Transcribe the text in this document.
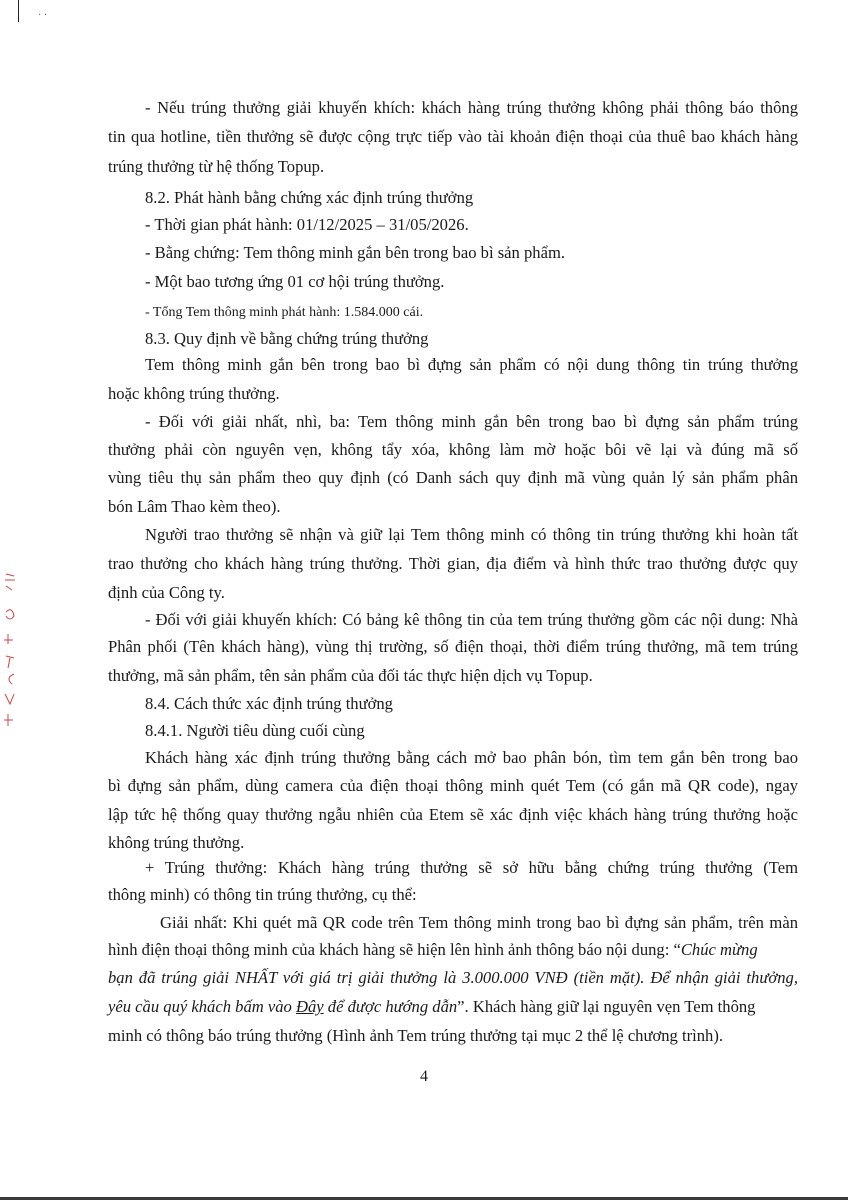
· ·
- Nếu trúng thưởng giải khuyến khích: khách hàng trúng thưởng không phải thông báo thông
tin qua hotline, tiền thưởng sẽ được cộng trực tiếp vào tài khoản điện thoại của thuê bao khách hàng
trúng thưởng từ hệ thống Topup.
8.2. Phát hành bằng chứng xác định trúng thưởng
- Thời gian phát hành: 01/12/2025 – 31/05/2026.
- Bằng chứng: Tem thông minh gắn bên trong bao bì sản phẩm.
- Một bao tương ứng 01 cơ hội trúng thưởng.
- Tổng Tem thông minh phát hành: 1.584.000 cái.
8.3. Quy định về bằng chứng trúng thưởng
Tem thông minh gắn bên trong bao bì đựng sản phẩm có nội dung thông tin trúng thưởng
hoặc không trúng thưởng.
- Đối với giải nhất, nhì, ba: Tem thông minh gắn bên trong bao bì đựng sản phẩm trúng
thưởng phải còn nguyên vẹn, không tẩy xóa, không làm mờ hoặc bôi vẽ lại và đúng mã số
vùng tiêu thụ sản phẩm theo quy định (có Danh sách quy định mã vùng quản lý sản phẩm phân
bón Lâm Thao kèm theo).
Người trao thưởng sẽ nhận và giữ lại Tem thông minh có thông tin trúng thưởng khi hoàn tất
trao thưởng cho khách hàng trúng thưởng. Thời gian, địa điểm và hình thức trao thưởng được quy
định của Công ty.
- Đối với giải khuyến khích: Có bảng kê thông tin của tem trúng thưởng gồm các nội dung: Nhà
Phân phối (Tên khách hàng), vùng thị trường, số điện thoại, thời điểm trúng thưởng, mã tem trúng
thưởng, mã sản phẩm, tên sản phẩm của đối tác thực hiện dịch vụ Topup.
8.4. Cách thức xác định trúng thưởng
8.4.1. Người tiêu dùng cuối cùng
Khách hàng xác định trúng thưởng bằng cách mở bao phân bón, tìm tem gắn bên trong bao
bì đựng sản phẩm, dùng camera của điện thoại thông minh quét Tem (có gắn mã QR code), ngay
lập tức hệ thống quay thưởng ngẫu nhiên của Etem sẽ xác định việc khách hàng trúng thưởng hoặc
không trúng thưởng.
+ Trúng thưởng: Khách hàng trúng thưởng sẽ sở hữu bằng chứng trúng thưởng (Tem
thông minh) có thông tin trúng thưởng, cụ thể:
Giải nhất: Khi quét mã QR code trên Tem thông minh trong bao bì đựng sản phẩm, trên màn
hình điện thoại thông minh của khách hàng sẽ hiện lên hình ảnh thông báo nội dung: “Chúc mừng
bạn đã trúng giải NHẤT với giá trị giải thưởng là 3.000.000 VNĐ (tiền mặt). Để nhận giải thưởng,
yêu cầu quý khách bấm vào Đây để được hướng dẫn”. Khách hàng giữ lại nguyên vẹn Tem thông
minh có thông báo trúng thưởng (Hình ảnh Tem trúng thưởng tại mục 2 thể lệ chương trình).
4
